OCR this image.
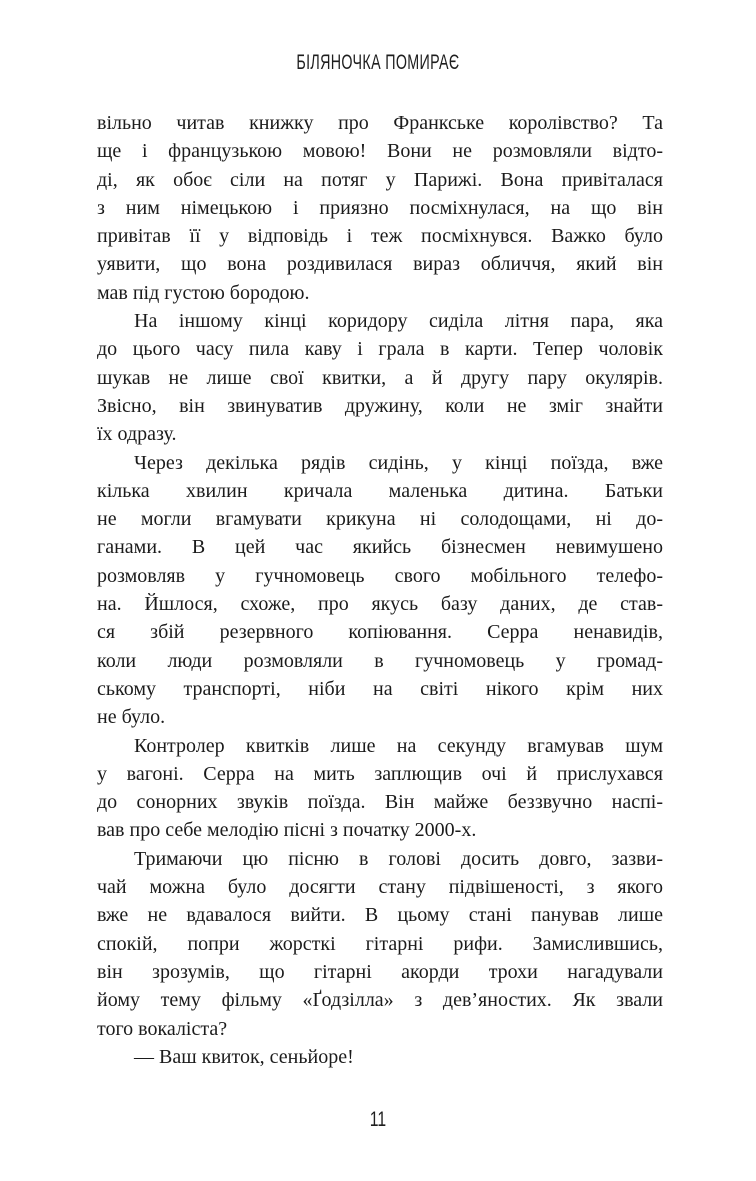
БІЛЯНОЧКА ПОМИРАЄ
вільно читав книжку про Франкське королівство? Та
ще і французькою мовою! Вони не розмовляли відто-
ді, як обоє сіли на потяг у Парижі. Вона привіталася
з ним німецькою і приязно посміхнулася, на що він
привітав її у відповідь і теж посміхнувся. Важко було
уявити, що вона роздивилася вираз обличчя, який він
мав під густою бородою.
На іншому кінці коридору сиділа літня пара, яка
до цього часу пила каву і грала в карти. Тепер чоловік
шукав не лише свої квитки, а й другу пару окулярів.
Звісно, він звинуватив дружину, коли не зміг знайти
їх одразу.
Через декілька рядів сидінь, у кінці поїзда, вже
кілька хвилин кричала маленька дитина. Батьки
не могли вгамувати крикуна ні солодощами, ні до-
ганами. В цей час якийсь бізнесмен невимушено
розмовляв у гучномовець свого мобільного телефо-
на. Йшлося, схоже, про якусь базу даних, де став-
ся збій резервного копіювання. Серра ненавидів,
коли люди розмовляли в гучномовець у громад-
ському транспорті, ніби на світі нікого крім них
не було.
Контролер квитків лише на секунду вгамував шум
у вагоні. Серра на мить заплющив очі й прислухався
до сонорних звуків поїзда. Він майже беззвучно наспі-
вав про себе мелодію пісні з початку 2000-х.
Тримаючи цю пісню в голові досить довго, зазви-
чай можна було досягти стану підвішеності, з якого
вже не вдавалося вийти. В цьому стані панував лише
спокій, попри жорсткі гітарні рифи. Замислившись,
він зрозумів, що гітарні акорди трохи нагадували
йому тему фільму «Ґодзілла» з дев’яностих. Як звали
того вокаліста?
— Ваш квиток, сеньйоре!
11
